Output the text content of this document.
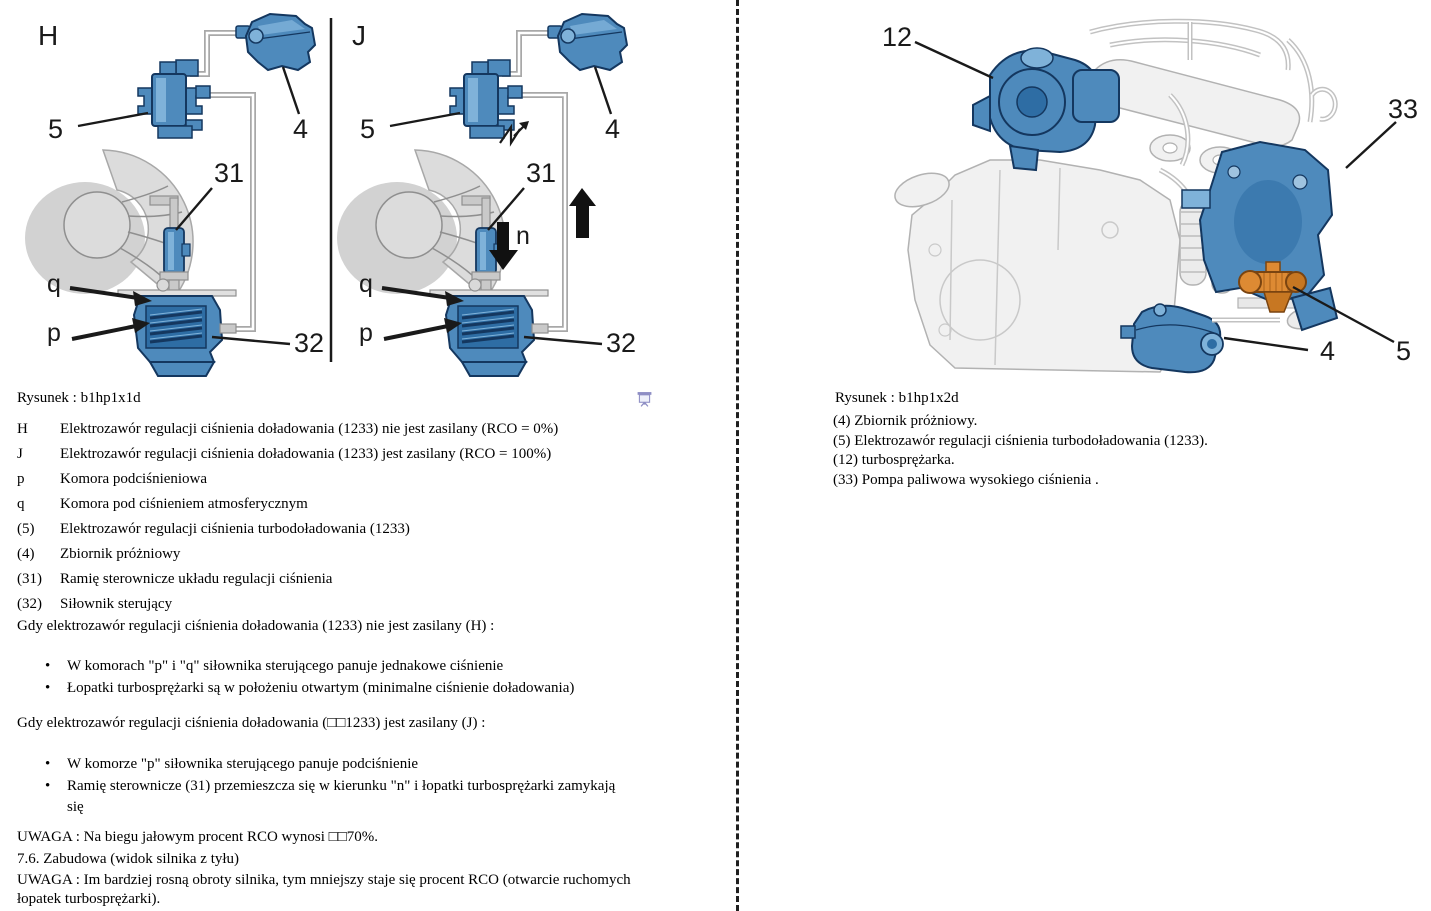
H	J
n
12
33
4 5
Rysunek : b1hp1x1d
H	Elektrozawór regulacji ciśnienia doładowania (1233) nie jest zasilany (RCO = 0%)
J	Elektrozawór regulacji ciśnienia doładowania (1233) jest zasilany (RCO = 100%)
p	Komora podciśnieniowa
q	Komora pod ciśnieniem atmosferycznym
(5)	Elektrozawór regulacji ciśnienia turbodoładowania (1233)
(4)	Zbiornik próżniowy
(31)	Ramię sterownicze układu regulacji ciśnienia
(32)	Siłownik sterujący
Gdy elektrozawór regulacji ciśnienia doładowania (1233) nie jest zasilany (H) :
• W komorach "p" i "q" siłownika sterującego panuje jednakowe ciśnienie
• Łopatki turbosprężarki są w położeniu otwartym (minimalne ciśnienie doładowania)
Gdy elektrozawór regulacji ciśnienia doładowania (□□1233) jest zasilany (J) :
• W komorze "p" siłownika sterującego panuje podciśnienie
• Ramię sterownicze (31) przemieszcza się w kierunku "n" i łopatki turbosprężarki zamykają się
UWAGA : Na biegu jałowym procent RCO wynosi □□70%.
7.6. Zabudowa (widok silnika z tyłu)
UWAGA : Im bardziej rosną obroty silnika, tym mniejszy staje się procent RCO (otwarcie ruchomych łopatek turbosprężarki).
Rysunek : b1hp1x2d
(4) Zbiornik próżniowy.
(5) Elektrozawór regulacji ciśnienia turbodoładowania (1233).
(12) turbosprężarka.
(33) Pompa paliwowa wysokiego ciśnienia .
